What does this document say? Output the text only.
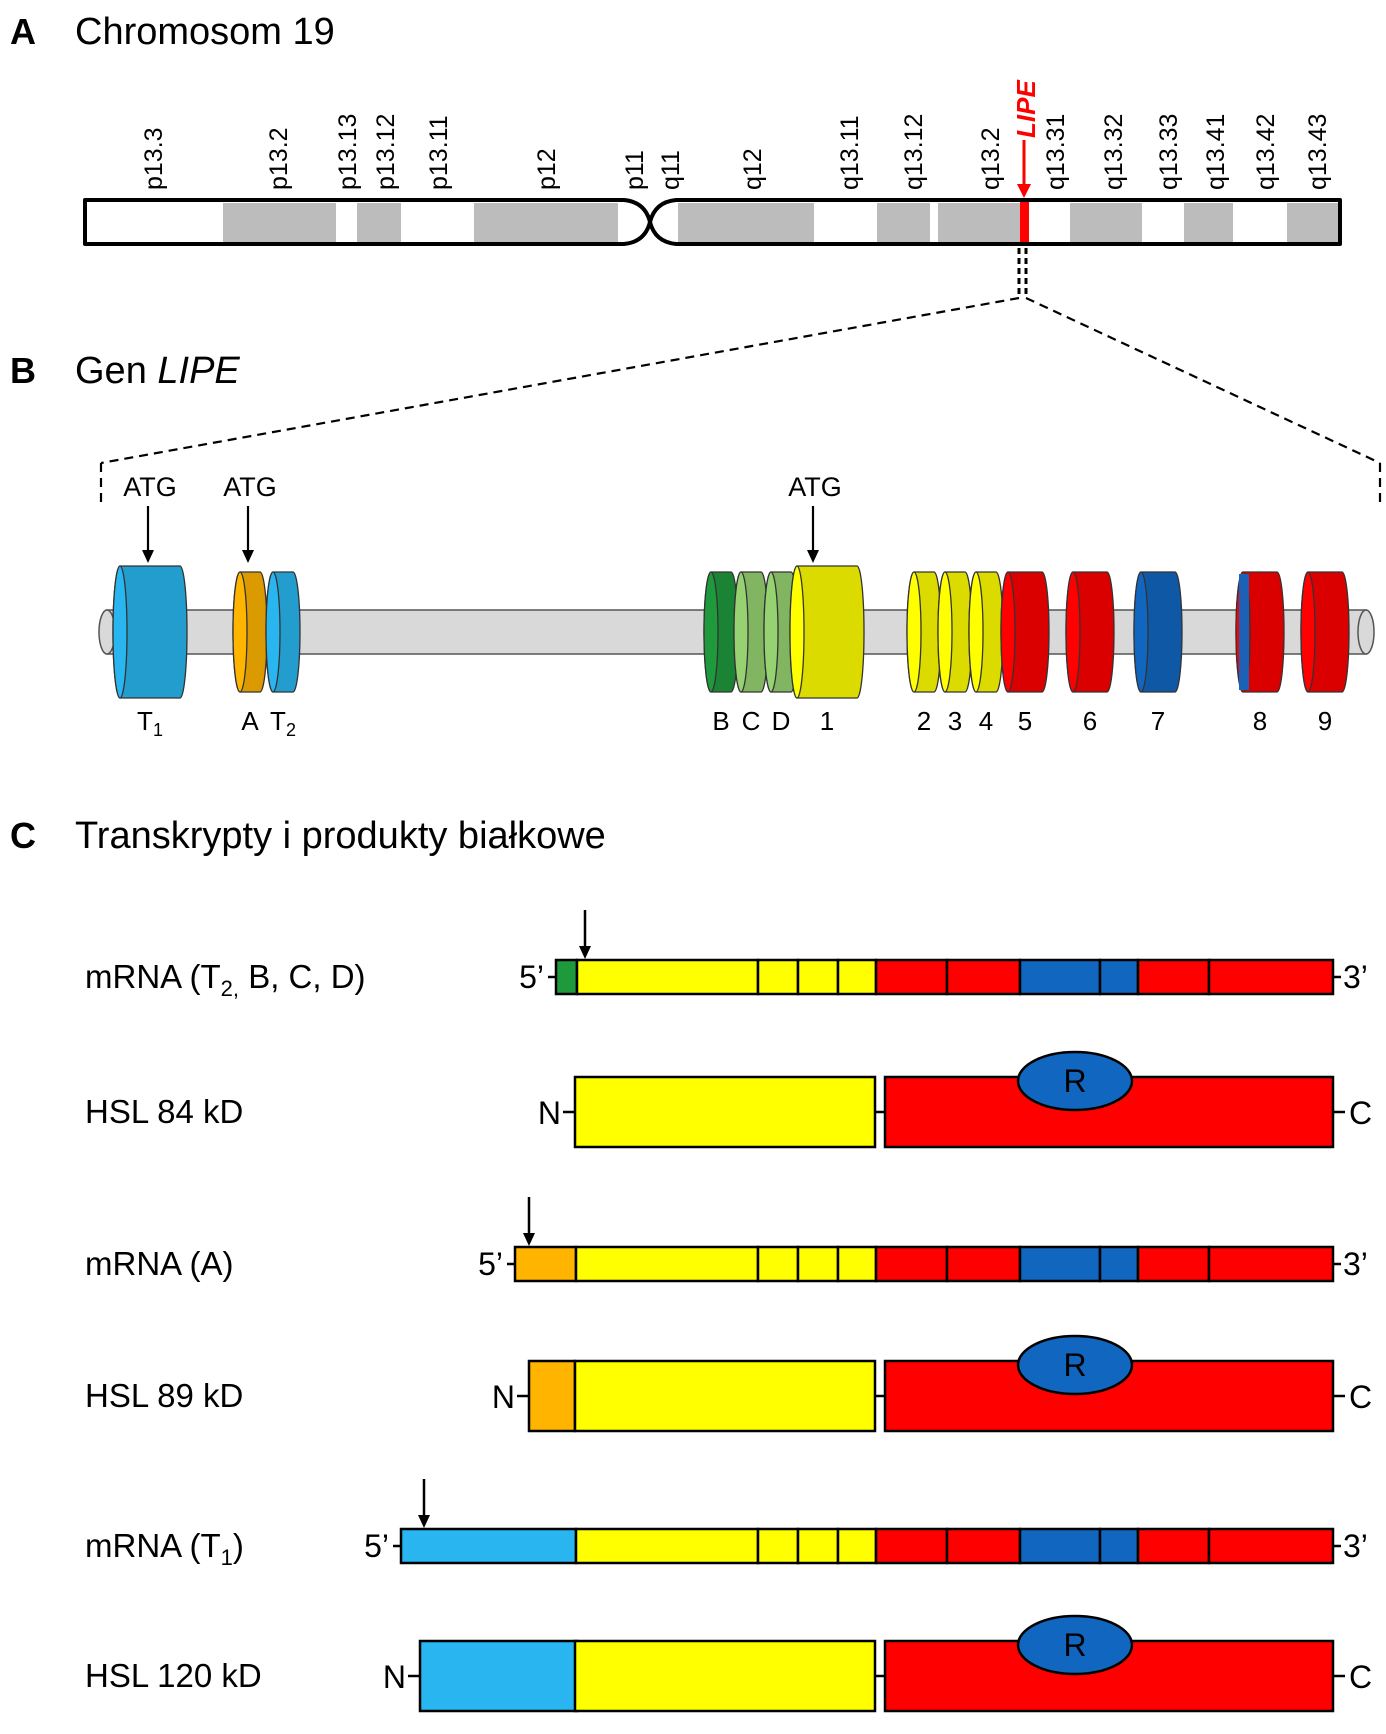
A Chromosom 19
p13.3	p13.2 p13.13 p13.12 p13.11	p12 p11 q11 q12	q13.11 q13.12 q13.2 q13.31 q13.32 q13.33 q13.41 q13.42 q13.43
LIPE
B Gen LIPE
$T_1$	A $T_2$	B C D 1	2 3 4 5 6 7	8 9
ATG ATG	ATG
C Transkrypty i produkty białkowe
mRNA ($T_{2,}$ B, C, D)	5’	3’
HSL 84 kD	N	C
R
mRNA (A)	5’	3’
HSL 89 kD	N	C
R
mRNA $(T_1)$	5’	3’
HSL 120 kD	N	C
R
